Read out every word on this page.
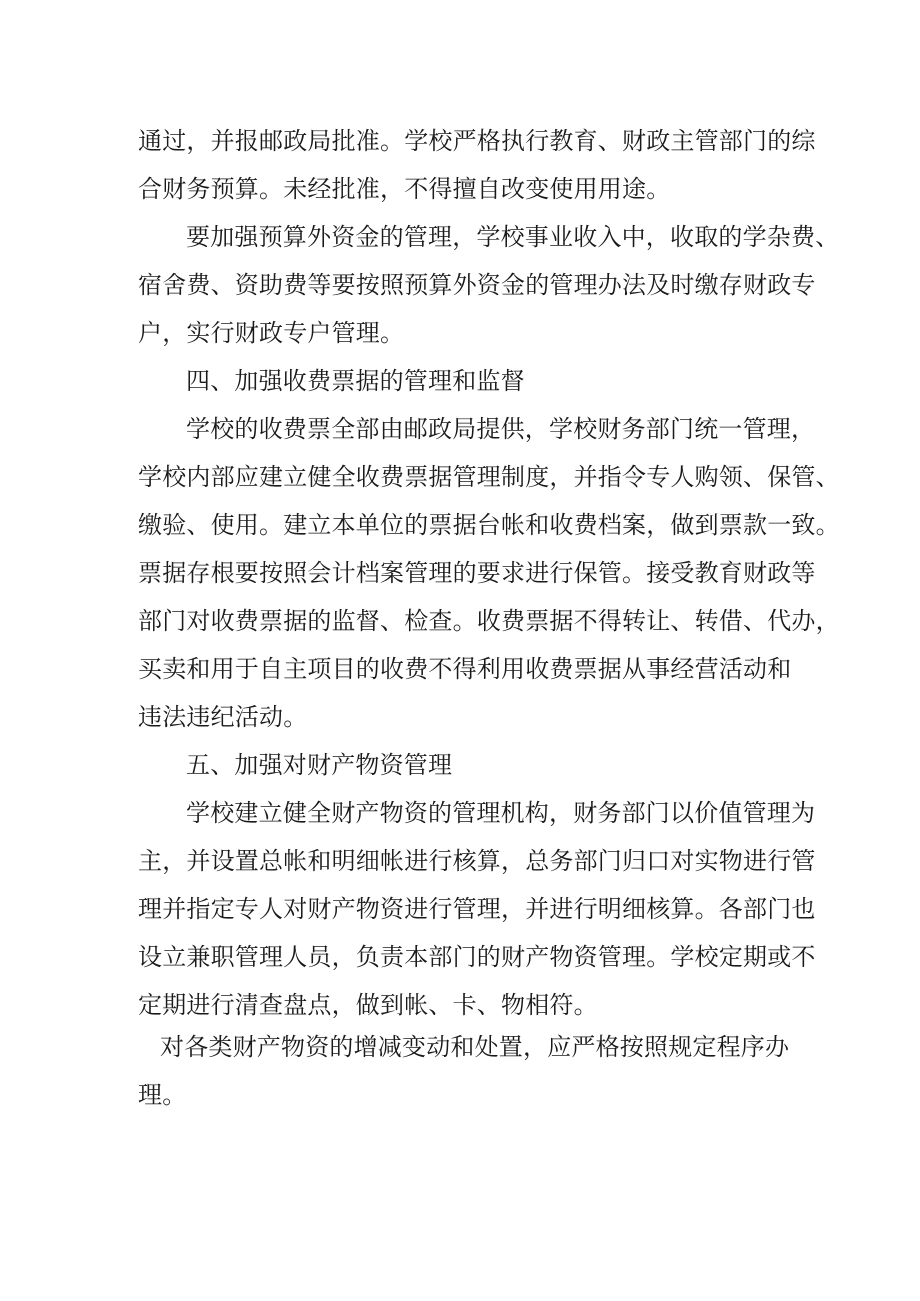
通过，并报邮政局批准。学校严格执行教育、财政主管部门的综
合财务预算。未经批准，不得擅自改变使用用途。
要加强预算外资金的管理，学校事业收入中，收取的学杂费、
宿舍费、资助费等要按照预算外资金的管理办法及时缴存财政专
户，实行财政专户管理。
四、加强收费票据的管理和监督
学校的收费票全部由邮政局提供，学校财务部门统一管理，
学校内部应建立健全收费票据管理制度，并指令专人购领、保管、
缴验、使用。建立本单位的票据台帐和收费档案，做到票款一致。
票据存根要按照会计档案管理的要求进行保管。接受教育财政等
部门对收费票据的监督、检查。收费票据不得转让、转借、代办，
买卖和用于自主项目的收费不得利用收费票据从事经营活动和
违法违纪活动。
五、加强对财产物资管理
学校建立健全财产物资的管理机构，财务部门以价值管理为
主，并设置总帐和明细帐进行核算，总务部门归口对实物进行管
理并指定专人对财产物资进行管理，并进行明细核算。各部门也
设立兼职管理人员，负责本部门的财产物资管理。学校定期或不
定期进行清查盘点，做到帐、卡、物相符。
对各类财产物资的增减变动和处置，应严格按照规定程序办
理。
